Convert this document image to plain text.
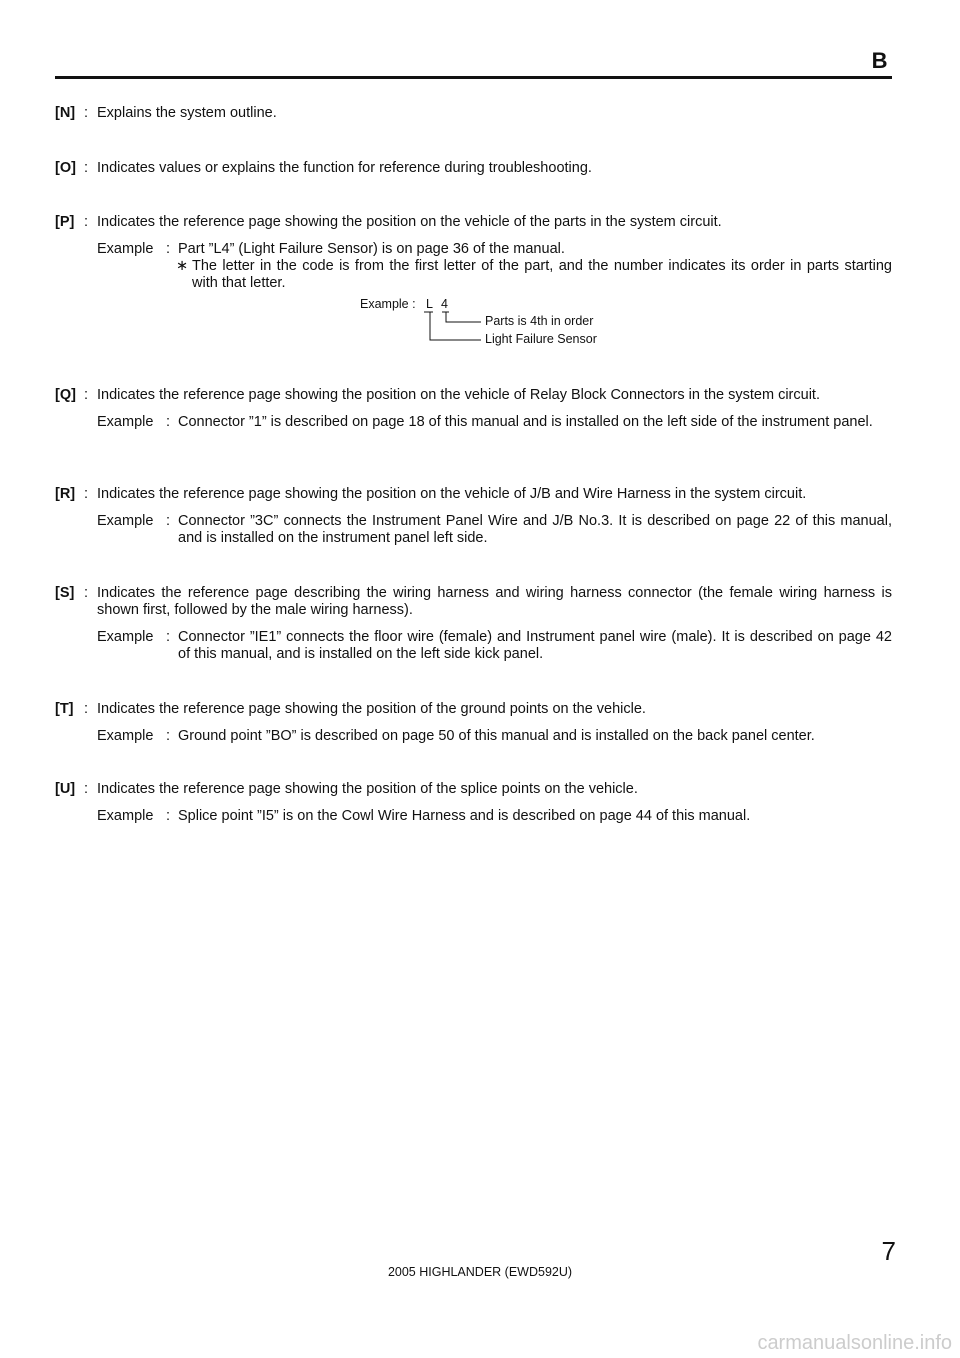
B
[N] : Explains the system outline.
[O] : Indicates values or explains the function for reference during troubleshooting.
[P] : Indicates the reference page showing the position on the vehicle of the parts in the system circuit.
Example : Part ”L4” (Light Failure Sensor) is on page 36 of the manual.
∗ The letter in the code is from the first letter of the part, and the number indicates its order in parts starting with that letter.
Example : L 4
Parts is 4th in order
Light Failure Sensor
[Q] : Indicates the reference page showing the position on the vehicle of Relay Block Connectors in the system circuit.
Example : Connector ”1” is described on page 18 of this manual and is installed on the left side of the instrument panel.
[R] : Indicates the reference page showing the position on the vehicle of J/B and Wire Harness in the system circuit.
Example : Connector ”3C” connects the Instrument Panel Wire and J/B No.3. It is described on page 22 of this manual, and is installed on the instrument panel left side.
[S] : Indicates the reference page describing the wiring harness and wiring harness connector (the female wiring harness is shown first, followed by the male wiring harness).
Example : Connector ”IE1” connects the floor wire (female) and Instrument panel wire (male). It is described on page 42 of this manual, and is installed on the left side kick panel.
[T] : Indicates the reference page showing the position of the ground points on the vehicle.
Example : Ground point ”BO” is described on page 50 of this manual and is installed on the back panel center.
[U] : Indicates the reference page showing the position of the splice points on the vehicle.
Example : Splice point ”I5” is on the Cowl Wire Harness and is described on page 44 of this manual.
7
2005 HIGHLANDER (EWD592U)
carmanualsonline.info
